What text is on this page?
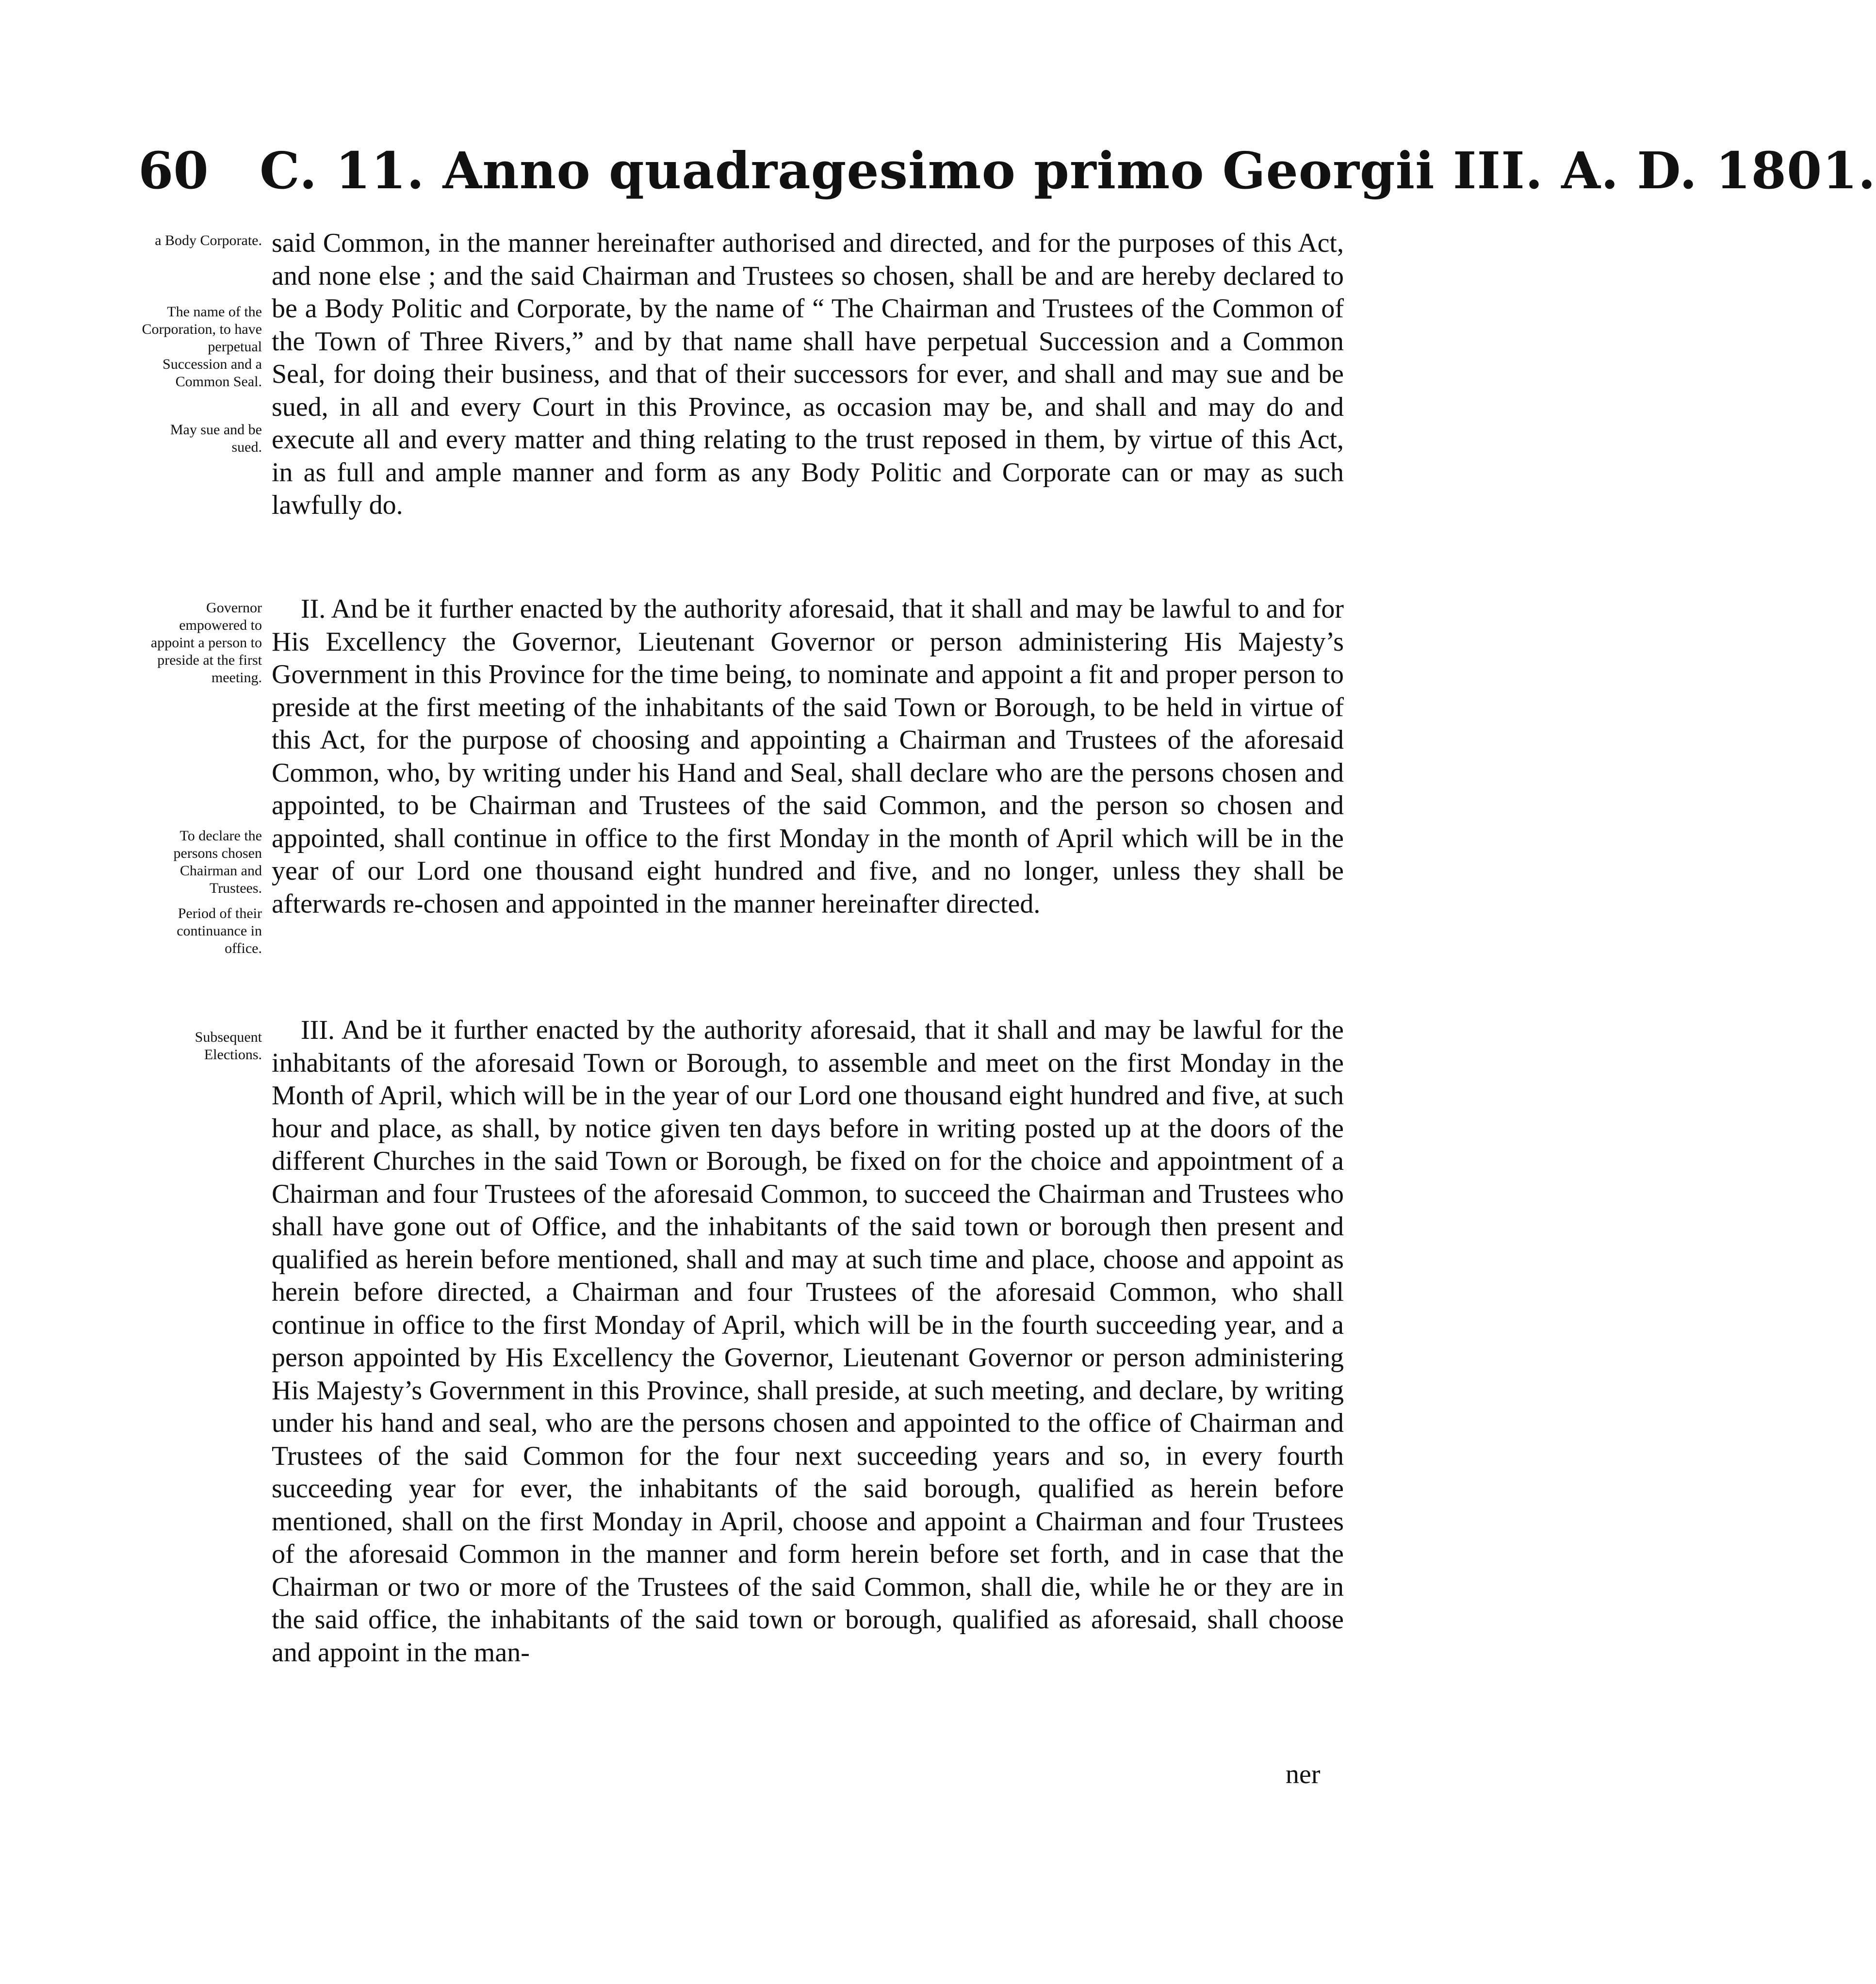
60 C. 11. Anno quadragesimo primo Georgii III. A. D. 1801.
a Body Corporate.
The name of the Corporation, to have perpetual Succession and a Common Seal.
May sue and be sued.
Governor empowered to appoint a person to preside at the first meeting.
To declare the persons chosen Chairman and Trustees.
Period of their continuance in office.
Subsequent Elections.
said Common, in the manner hereinafter authorised and directed, and for the purposes of this Act, and none else ; and the said Chairman and Trustees so chosen, shall be and are hereby declared to be a Body Politic and Corporate, by the name of “ The Chairman and Trustees of the Common of the Town of Three Rivers,” and by that name shall have perpetual Succession and a Common Seal, for doing their business, and that of their successors for ever, and shall and may sue and be sued, in all and every Court in this Province, as occasion may be, and shall and may do and execute all and every matter and thing relating to the trust reposed in them, by virtue of this Act, in as full and ample manner and form as any Body Politic and Corporate can or may as such lawfully do.
II. And be it further enacted by the authority aforesaid, that it shall and may be lawful to and for His Excellency the Governor, Lieutenant Governor or person administering His Majesty’s Government in this Province for the time being, to nominate and appoint a fit and proper person to preside at the first meeting of the inhabitants of the said Town or Borough, to be held in virtue of this Act, for the purpose of choosing and appointing a Chairman and Trustees of the aforesaid Common, who, by writing under his Hand and Seal, shall declare who are the persons chosen and appointed, to be Chairman and Trustees of the said Common, and the person so chosen and appointed, shall continue in office to the first Monday in the month of April which will be in the year of our Lord one thousand eight hundred and five, and no longer, unless they shall be afterwards re-chosen and appointed in the manner hereinafter directed.
III. And be it further enacted by the authority aforesaid, that it shall and may be lawful for the inhabitants of the aforesaid Town or Borough, to assemble and meet on the first Monday in the Month of April, which will be in the year of our Lord one thousand eight hundred and five, at such hour and place, as shall, by notice given ten days before in writing posted up at the doors of the different Churches in the said Town or Borough, be fixed on for the choice and appointment of a Chairman and four Trustees of the aforesaid Common, to succeed the Chairman and Trustees who shall have gone out of Office, and the inhabitants of the said town or borough then present and qualified as herein before mentioned, shall and may at such time and place, choose and appoint as herein before directed, a Chairman and four Trustees of the aforesaid Common, who shall continue in office to the first Monday of April, which will be in the fourth succeeding year, and a person appointed by His Excellency the Governor, Lieutenant Governor or person administering His Majesty’s Government in this Province, shall preside, at such meeting, and declare, by writing under his hand and seal, who are the persons chosen and appointed to the office of Chairman and Trustees of the said Common for the four next succeeding years and so, in every fourth succeeding year for ever, the inhabitants of the said borough, qualified as herein before mentioned, shall on the first Monday in April, choose and appoint a Chairman and four Trustees of the aforesaid Common in the manner and form herein before set forth, and in case that the Chairman or two or more of the Trustees of the said Common, shall die, while he or they are in the said office, the inhabitants of the said town or borough, qualified as aforesaid, shall choose and appoint in the man-
ner
